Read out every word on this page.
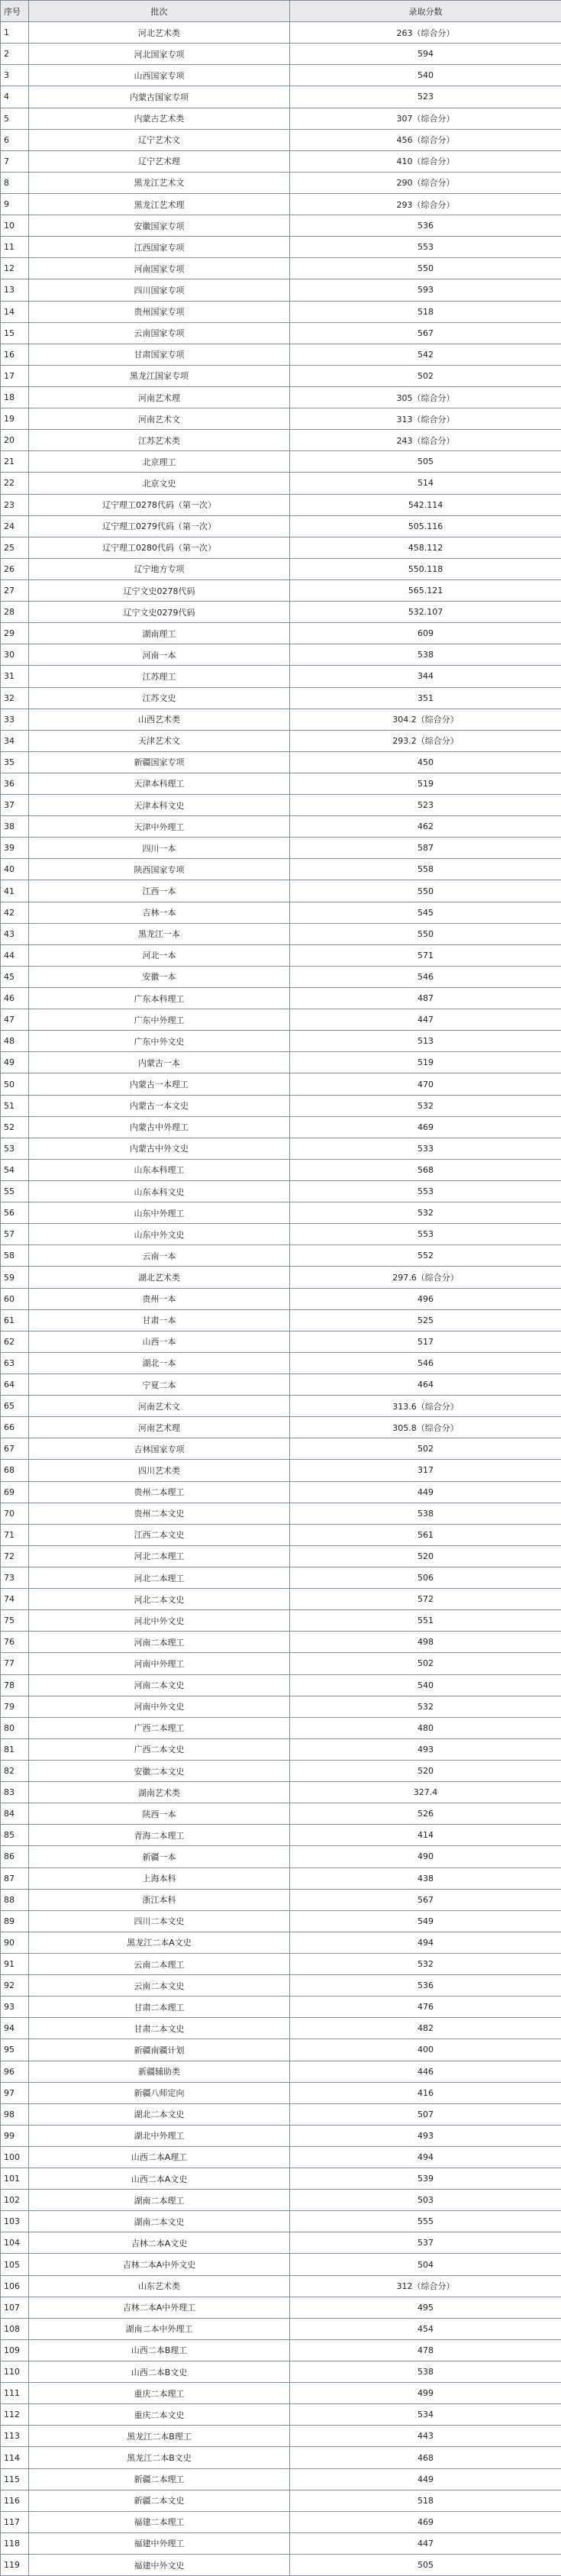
序号	批次	录取分数
1	河北艺术类	263（综合分）
2	河北国家专项	594
3	山西国家专项	540
4	内蒙古国家专项	523
5	内蒙古艺术类	307（综合分）
6	辽宁艺术文	456（综合分）
7	辽宁艺术理	410（综合分）
8	黑龙江艺术文	290（综合分）
9	黑龙江艺术理	293（综合分）
10	安徽国家专项	536
11	江西国家专项	553
12	河南国家专项	550
13	四川国家专项	593
14	贵州国家专项	518
15	云南国家专项	567
16	甘肃国家专项	542
17	黑龙江国家专项	502
18	河南艺术理	305（综合分）
19	河南艺术文	313（综合分）
20	江苏艺术类	243（综合分）
21	北京理工	505
22	北京文史	514
23	辽宁理工0278代码（第一次）	542.114
24	辽宁理工0279代码（第一次）	505.116
25	辽宁理工0280代码（第一次）	458.112
26	辽宁地方专项	550.118
27	辽宁文史0278代码	565.121
28	辽宁文史0279代码	532.107
29	湖南理工	609
30	河南一本	538
31	江苏理工	344
32	江苏文史	351
33	山西艺术类	304.2（综合分）
34	天津艺术文	293.2（综合分）
35	新疆国家专项	450
36	天津本科理工	519
37	天津本科文史	523
38	天津中外理工	462
39	四川一本	587
40	陕西国家专项	558
41	江西一本	550
42	吉林一本	545
43	黑龙江一本	550
44	河北一本	571
45	安徽一本	546
46	广东本科理工	487
47	广东中外理工	447
48	广东中外文史	513
49	内蒙古一本	519
50	内蒙古一本理工	470
51	内蒙古一本文史	532
52	内蒙古中外理工	469
53	内蒙古中外文史	533
54	山东本科理工	568
55	山东本科文史	553
56	山东中外理工	532
57	山东中外文史	553
58	云南一本	552
59	湖北艺术类	297.6（综合分）
60	贵州一本	496
61	甘肃一本	525
62	山西一本	517
63	湖北一本	546
64	宁夏二本	464
65	河南艺术文	313.6（综合分）
66	河南艺术理	305.8（综合分）
67	吉林国家专项	502
68	四川艺术类	317
69	贵州二本理工	449
70	贵州二本文史	538
71	江西二本文史	561
72	河北二本理工	520
73	河北二本理工	506
74	河北二本文史	572
75	河北中外文史	551
76	河南二本理工	498
77	河南中外理工	502
78	河南二本文史	540
79	河南中外文史	532
80	广西二本理工	480
81	广西二本文史	493
82	安徽二本文史	520
83	湖南艺术类	327.4
84	陕西一本	526
85	青海二本理工	414
86	新疆一本	490
87	上海本科	438
88	浙江本科	567
89	四川二本文史	549
90	黑龙江二本A文史	494
91	云南二本理工	532
92	云南二本文史	536
93	甘肃二本理工	476
94	甘肃二本文史	482
95	新疆南疆计划	400
96	新疆辅助类	446
97	新疆八师定向	416
98	湖北二本文史	507
99	湖北中外理工	493
100	山西二本A理工	494
101	山西二本A文史	539
102	湖南二本理工	503
103	湖南二本文史	555
104	吉林二本A文史	537
105	吉林二本A中外文史	504
106	山东艺术类	312（综合分）
107	吉林二本A中外理工	495
108	湖南二本中外理工	454
109	山西二本B理工	478
110	山西二本B文史	538
111	重庆二本理工	499
112	重庆二本文史	534
113	黑龙江二本B理工	443
114	黑龙江二本B文史	468
115	新疆二本理工	449
116	新疆二本文史	518
117	福建二本理工	469
118	福建中外理工	447
119	福建中外文史	505
